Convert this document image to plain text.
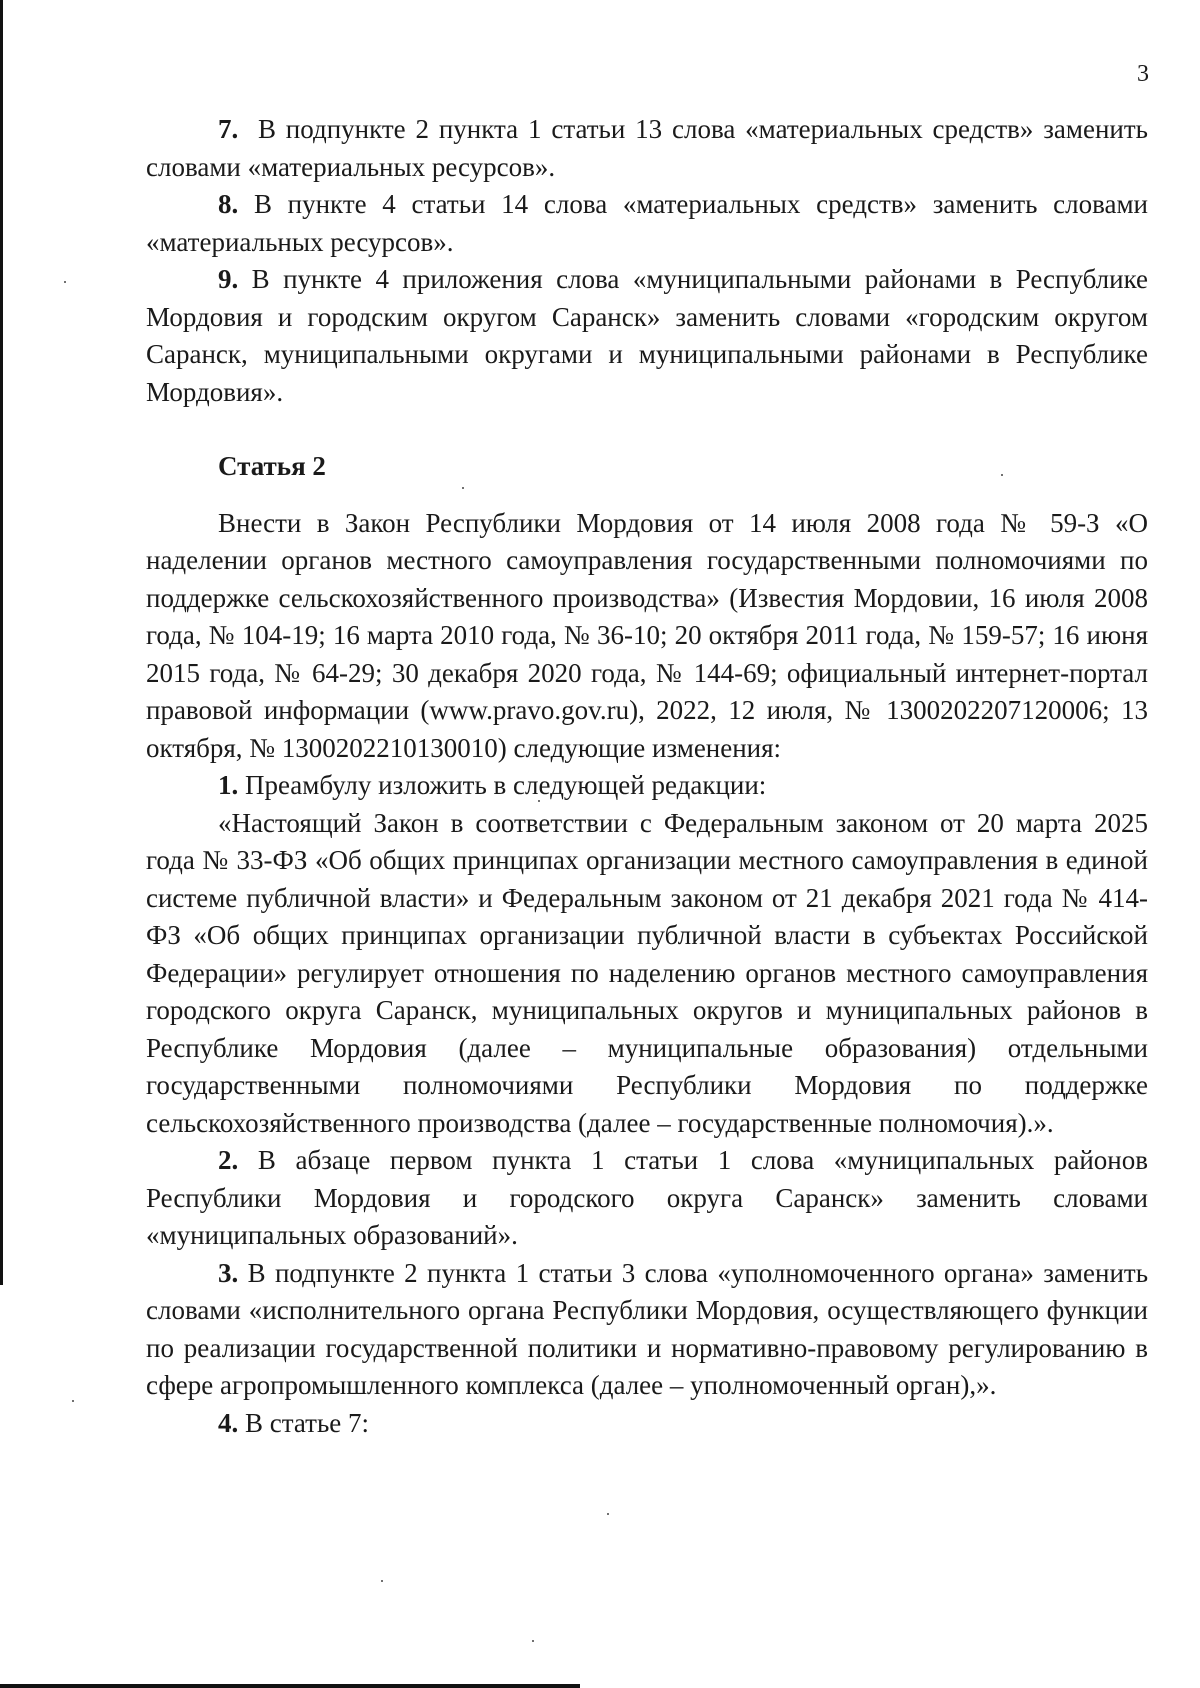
3

7. В подпункте 2 пункта 1 статьи 13 слова «материальных средств» заменить словами «материальных ресурсов».

8. В пункте 4 статьи 14 слова «материальных средств» заменить словами «материальных ресурсов».

9. В пункте 4 приложения слова «муниципальными районами в Республике Мордовия и городским округом Саранск» заменить словами «городским округом Саранск, муниципальными округами и муниципальными районами в Республике Мордовия».

Статья 2

Внести в Закон Республики Мордовия от 14 июля 2008 года № 59-З «О наделении органов местного самоуправления государственными полномочиями по поддержке сельскохозяйственного производства» (Известия Мордовии, 16 июля 2008 года, № 104-19; 16 марта 2010 года, № 36-10; 20 октября 2011 года, № 159-57; 16 июня 2015 года, № 64-29; 30 декабря 2020 года, № 144-69; официальный интернет-портал правовой информации (www.pravo.gov.ru), 2022, 12 июля, № 1300202207120006; 13 октября, № 1300202210130010) следующие изменения:

1. Преамбулу изложить в следующей редакции:

«Настоящий Закон в соответствии с Федеральным законом от 20 марта 2025 года № 33-ФЗ «Об общих принципах организации местного самоуправления в единой системе публичной власти» и Федеральным законом от 21 декабря 2021 года № 414-ФЗ «Об общих принципах организации публичной власти в субъектах Российской Федерации» регулирует отношения по наделению органов местного самоуправления городского округа Саранск, муниципальных округов и муниципальных районов в Республике Мордовия (далее – муниципальные образования) отдельными государственными полномочиями Республики Мордовия по поддержке сельскохозяйственного производства (далее – государственные полномочия).».

2. В абзаце первом пункта 1 статьи 1 слова «муниципальных районов Республики Мордовия и городского округа Саранск» заменить словами «муниципальных образований».

3. В подпункте 2 пункта 1 статьи 3 слова «уполномоченного органа» заменить словами «исполнительного органа Республики Мордовия, осуществляющего функции по реализации государственной политики и нормативно-правовому регулированию в сфере агропромышленного комплекса (далее – уполномоченный орган),».

4. В статье 7:
